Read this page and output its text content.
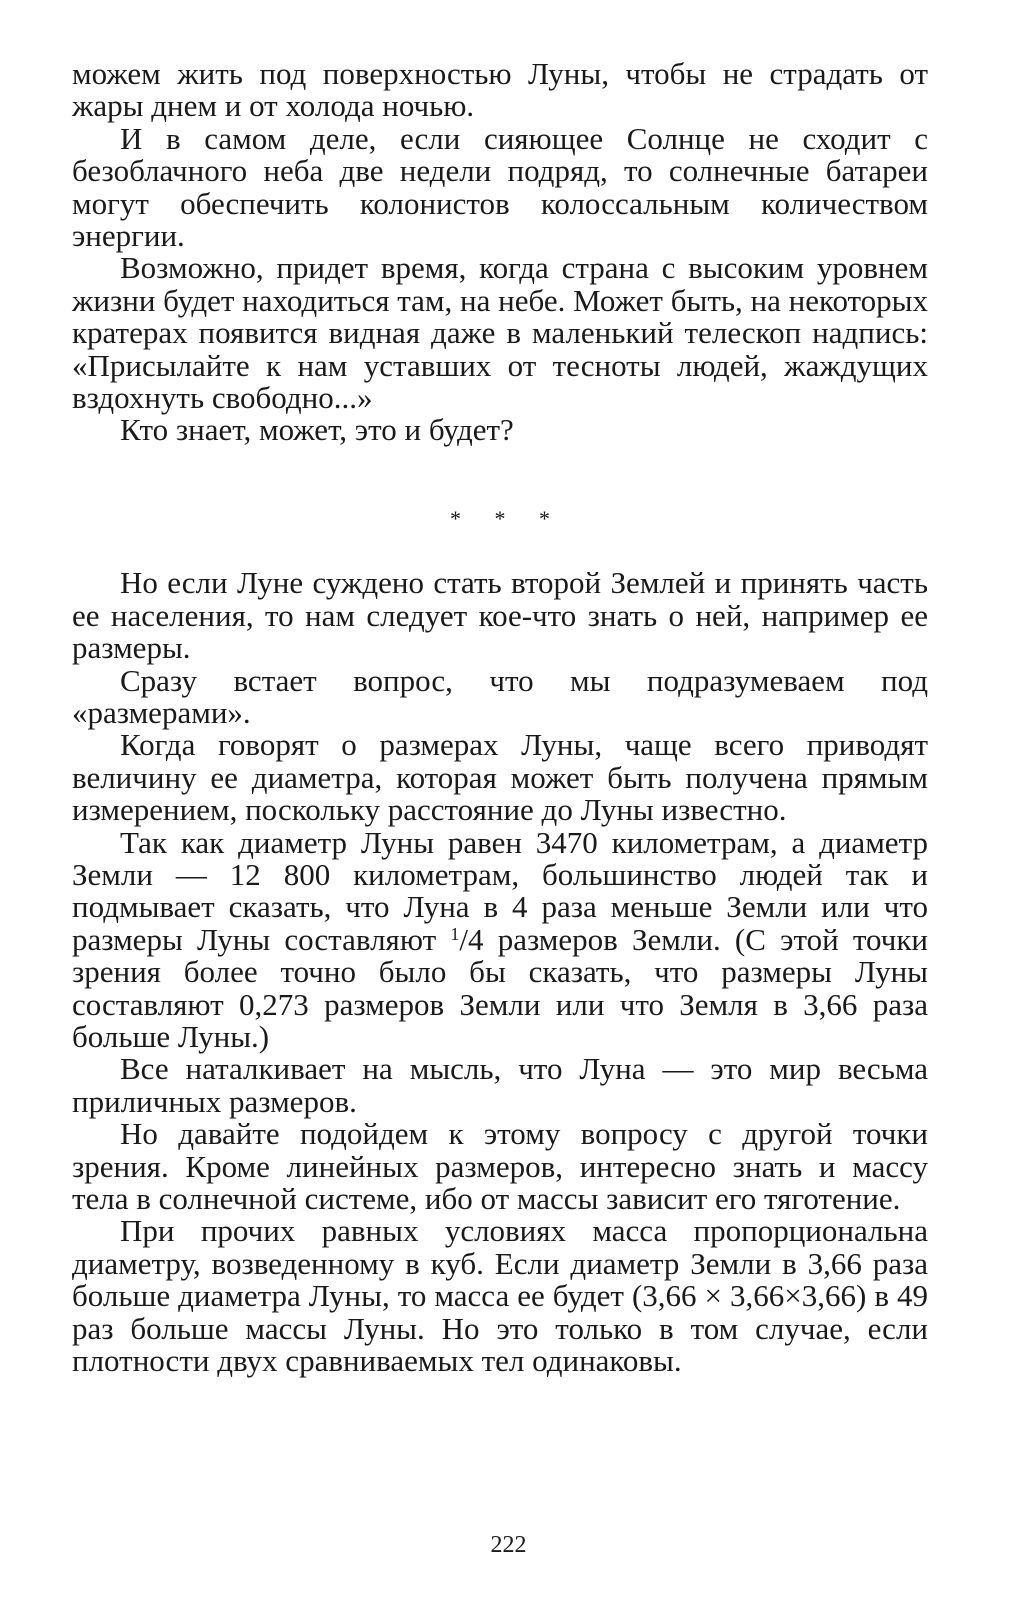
можем жить под поверхностью Луны, чтобы не страдать от жары днем и от холода ночью.

И в самом деле, если сияющее Солнце не сходит с безоблачного неба две недели подряд, то солнечные батареи могут обеспечить колонистов колоссальным количеством энергии.

Возможно, придет время, когда страна с высоким уровнем жизни будет находиться там, на небе. Может быть, на некоторых кратерах появится видная даже в маленький телескоп надпись: «Присылайте к нам уставших от тесноты людей, жаждущих вздохнуть свободно...»

Кто знает, может, это и будет?

* * *

Но если Луне суждено стать второй Землей и принять часть ее населения, то нам следует кое-что знать о ней, например ее размеры.

Сразу встает вопрос, что мы подразумеваем под «размерами».

Когда говорят о размерах Луны, чаще всего приводят величину ее диаметра, которая может быть получена прямым измерением, поскольку расстояние до Луны известно.

Так как диаметр Луны равен 3470 километрам, а диаметр Земли — 12 800 километрам, большинство людей так и подмывает сказать, что Луна в 4 раза меньше Земли или что размеры Луны составляют $^1$/4 размеров Земли. (С этой точки зрения более точно было бы сказать, что размеры Луны составляют 0,273 размеров Земли или что Земля в 3,66 раза больше Луны.)

Все наталкивает на мысль, что Луна — это мир весьма приличных размеров.

Но давайте подойдем к этому вопросу с другой точки зрения. Кроме линейных размеров, интересно знать и массу тела в солнечной системе, ибо от массы зависит его тяготение.

При прочих равных условиях масса пропорциональна диаметру, возведенному в куб. Если диаметр Земли в 3,66 раза больше диаметра Луны, то масса ее будет (3,66 × 3,66×3,66) в 49 раз больше массы Луны. Но это только в том случае, если плотности двух сравниваемых тел одинаковы.

222
